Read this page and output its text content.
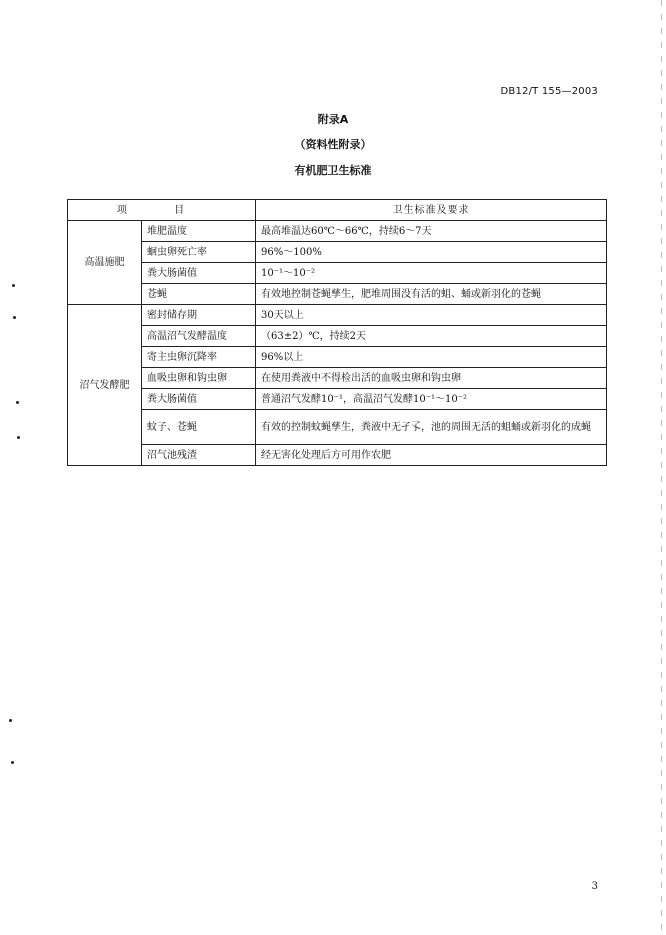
DB12/T 155—2003
附录A
（资料性附录）
有机肥卫生标准
项 目		卫生标准及要求
高温施肥	堆肥温度	最高堆温达60℃～66℃，持续6～7天
	蛔虫卵死亡率	96%～100%
	粪大肠菌值	10⁻¹～10⁻²
	苍蝇	有效地控制苍蝇孳生，肥堆周围没有活的蛆、蛹或新羽化的苍蝇
沼气发酵肥	密封储存期	30天以上
	高温沼气发酵温度	（63±2）℃，持续2天
	寄主虫卵沉降率	96%以上
	血吸虫卵和钩虫卵	在使用粪液中不得检出活的血吸虫卵和钩虫卵
	粪大肠菌值	普通沼气发酵10⁻¹，高温沼气发酵10⁻¹～10⁻²
	蚊子、苍蝇	有效的控制蚊蝇孳生，粪液中无孑孓，池的周围无活的蛆蛹或新羽化的成蝇
	沼气池残渣	经无害化处理后方可用作农肥
3
